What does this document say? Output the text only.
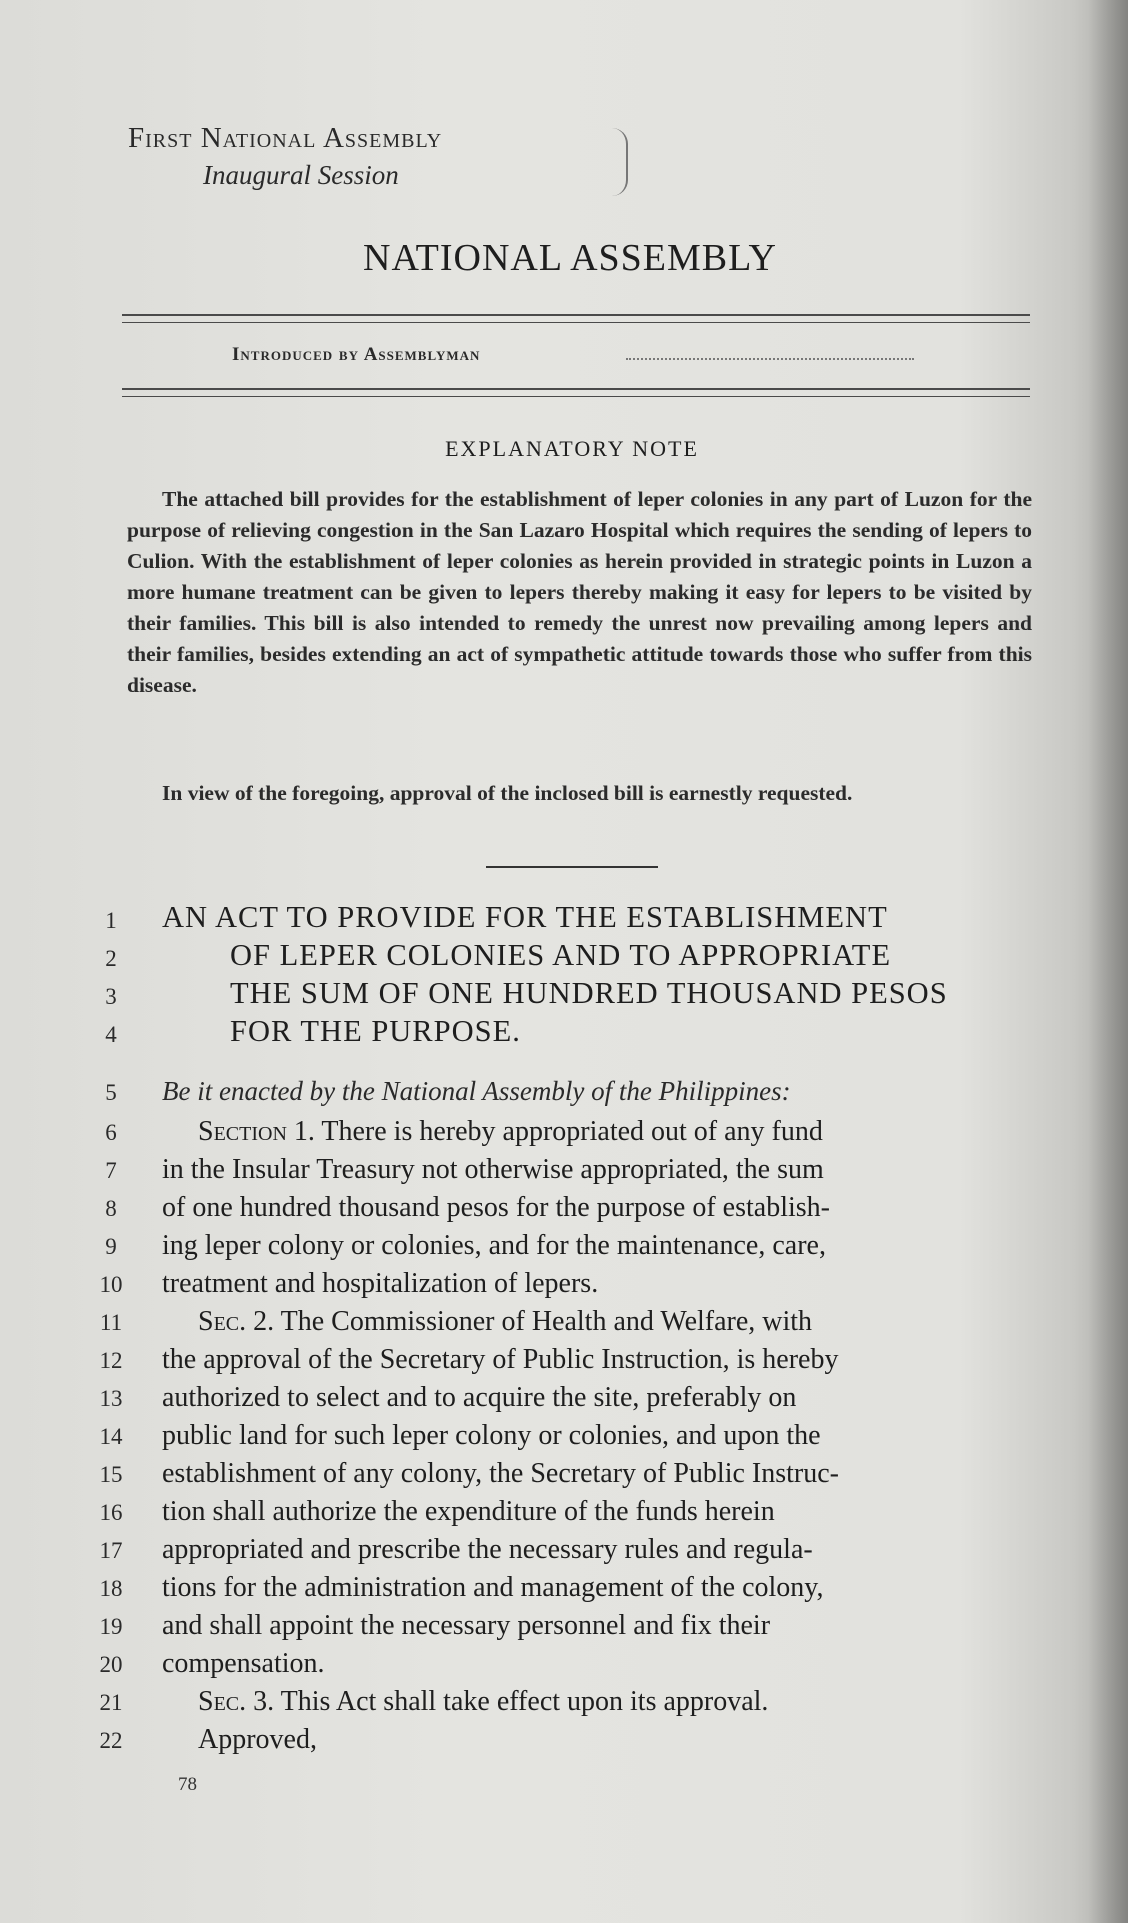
First National Assembly
Inaugural Session
NATIONAL ASSEMBLY
Introduced by Assemblyman
EXPLANATORY NOTE
The attached bill provides for the establishment of leper colonies in any part of Luzon for the purpose of relieving congestion in the San Lazaro Hospital which requires the sending of lepers to Culion. With the establishment of leper colonies as herein provided in strategic points in Luzon a more humane treatment can be given to lepers thereby making it easy for lepers to be visited by their families. This bill is also intended to remedy the unrest now prevailing among lepers and their families, besides extending an act of sympathetic attitude towards those who suffer from this disease.
In view of the foregoing, approval of the inclosed bill is earnestly requested.
1	AN ACT TO PROVIDE FOR THE ESTABLISHMENT
2	OF LEPER COLONIES AND TO APPROPRIATE
3	THE SUM OF ONE HUNDRED THOUSAND PESOS
4	FOR THE PURPOSE.
5	Be it enacted by the National Assembly of the Philippines:
6	Section 1. There is hereby appropriated out of any fund
7	in the Insular Treasury not otherwise appropriated, the sum
8	of one hundred thousand pesos for the purpose of establish-
9	ing leper colony or colonies, and for the maintenance, care,
10	treatment and hospitalization of lepers.
11	Sec. 2. The Commissioner of Health and Welfare, with
12	the approval of the Secretary of Public Instruction, is hereby
13	authorized to select and to acquire the site, preferably on
14	public land for such leper colony or colonies, and upon the
15	establishment of any colony, the Secretary of Public Instruc-
16	tion shall authorize the expenditure of the funds herein
17	appropriated and prescribe the necessary rules and regula-
18	tions for the administration and management of the colony,
19	and shall appoint the necessary personnel and fix their
20	compensation.
21	Sec. 3. This Act shall take effect upon its approval.
22	Approved,
78
